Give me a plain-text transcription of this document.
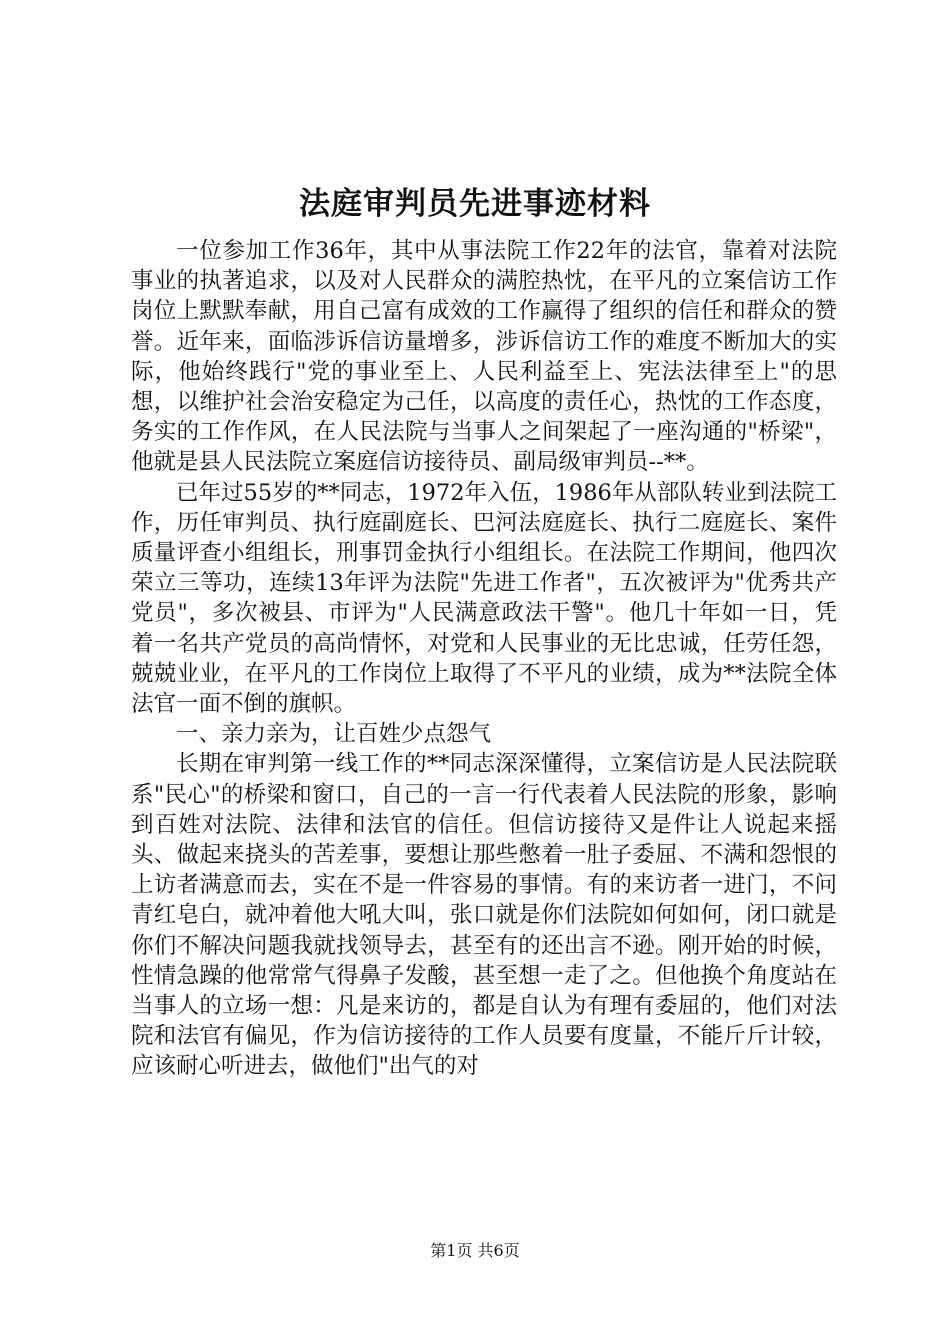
法庭审判员先进事迹材料

一位参加工作36年，其中从事法院工作22年的法官，靠着对法院事业的执著追求，以及对人民群众的满腔热忱，在平凡的立案信访工作岗位上默默奉献，用自己富有成效的工作赢得了组织的信任和群众的赞誉。近年来，面临涉诉信访量增多，涉诉信访工作的难度不断加大的实际，他始终践行"党的事业至上、人民利益至上、宪法法律至上"的思想，以维护社会治安稳定为己任，以高度的责任心，热忱的工作态度，务实的工作作风，在人民法院与当事人之间架起了一座沟通的"桥梁"，他就是县人民法院立案庭信访接待员、副局级审判员--**。

已年过55岁的**同志，1972年入伍，1986年从部队转业到法院工作，历任审判员、执行庭副庭长、巴河法庭庭长、执行二庭庭长、案件质量评查小组组长，刑事罚金执行小组组长。在法院工作期间，他四次荣立三等功，连续13年评为法院"先进工作者"，五次被评为"优秀共产党员"，多次被县、市评为"人民满意政法干警"。他几十年如一日，凭着一名共产党员的高尚情怀，对党和人民事业的无比忠诚，任劳任怨，兢兢业业，在平凡的工作岗位上取得了不平凡的业绩，成为**法院全体法官一面不倒的旗帜。

一、亲力亲为，让百姓少点怨气

长期在审判第一线工作的**同志深深懂得，立案信访是人民法院联系"民心"的桥梁和窗口，自己的一言一行代表着人民法院的形象，影响到百姓对法院、法律和法官的信任。但信访接待又是件让人说起来摇头、做起来挠头的苦差事，要想让那些憋着一肚子委屈、不满和怨恨的上访者满意而去，实在不是一件容易的事情。有的来访者一进门，不问青红皂白，就冲着他大吼大叫，张口就是你们法院如何如何，闭口就是你们不解决问题我就找领导去，甚至有的还出言不逊。刚开始的时候，性情急躁的他常常气得鼻子发酸，甚至想一走了之。但他换个角度站在当事人的立场一想：凡是来访的，都是自认为有理有委屈的，他们对法院和法官有偏见，作为信访接待的工作人员要有度量，不能斤斤计较，应该耐心听进去，做他们"出气的对

第1页 共6页
